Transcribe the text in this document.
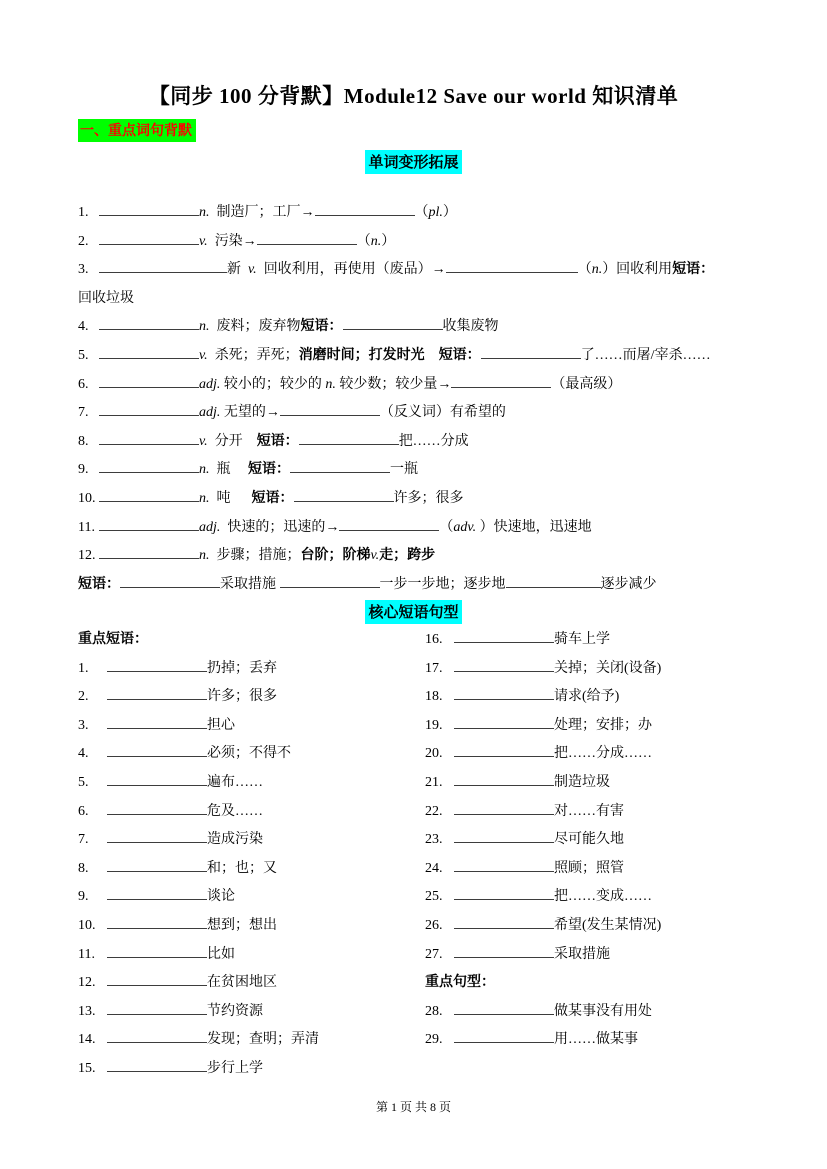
【同步 100 分背默】Module12 Save our world 知识清单
一、重点词句背默
单词变形拓展
1.	n.  制造厂；工厂→	（pl.）
2.	v.  污染→	（n.）
3.	新  v.  回收利用，再使用（废品）→	（n.）回收利用短语：
回收垃圾
4.	n.  废料；废弃物短语：	收集废物
5.	v.  杀死；弄死；消磨时间；打发时光　 短语：	了……而屠/宰杀……
6.	adj. 较小的；较少的 n. 较少数；较少量→	（最高级）
7.	adj. 无望的→	（反义词）有希望的
8.	v.  分开　短语：	把……分成
9.	n.  瓶　 短语：	一瓶
10.	n.  吨　  短语：	许多；很多
11.	adj.  快速的；迅速的→	（adv. ）快速地，迅速地
12.	n.  步骤；措施；台阶；阶梯v.走；跨步
短语：	采取措施	一步一步地；逐步地	逐步减少
核心短语句型
重点短语：
1.	扔掉；丢弃
2.	许多；很多
3.	担心
4.	必须；不得不
5.	遍布……
6.	危及……
7.	造成污染
8.	和；也；又
9.	谈论
10.	想到；想出
11.	比如
12.	在贫困地区
13.	节约资源
14.	发现；查明；弄清
15.	步行上学
16.	骑车上学
17.	关掉；关闭(设备)
18.	请求(给予)
19.	处理；安排；办
20.	把……分成……
21.	制造垃圾
22.	对……有害
23.	尽可能久地
24.	照顾；照管
25.	把……变成……
26.	希望(发生某情况)
27.	采取措施
重点句型：
28.	做某事没有用处
29.	用……做某事
第 1 页 共 8 页
